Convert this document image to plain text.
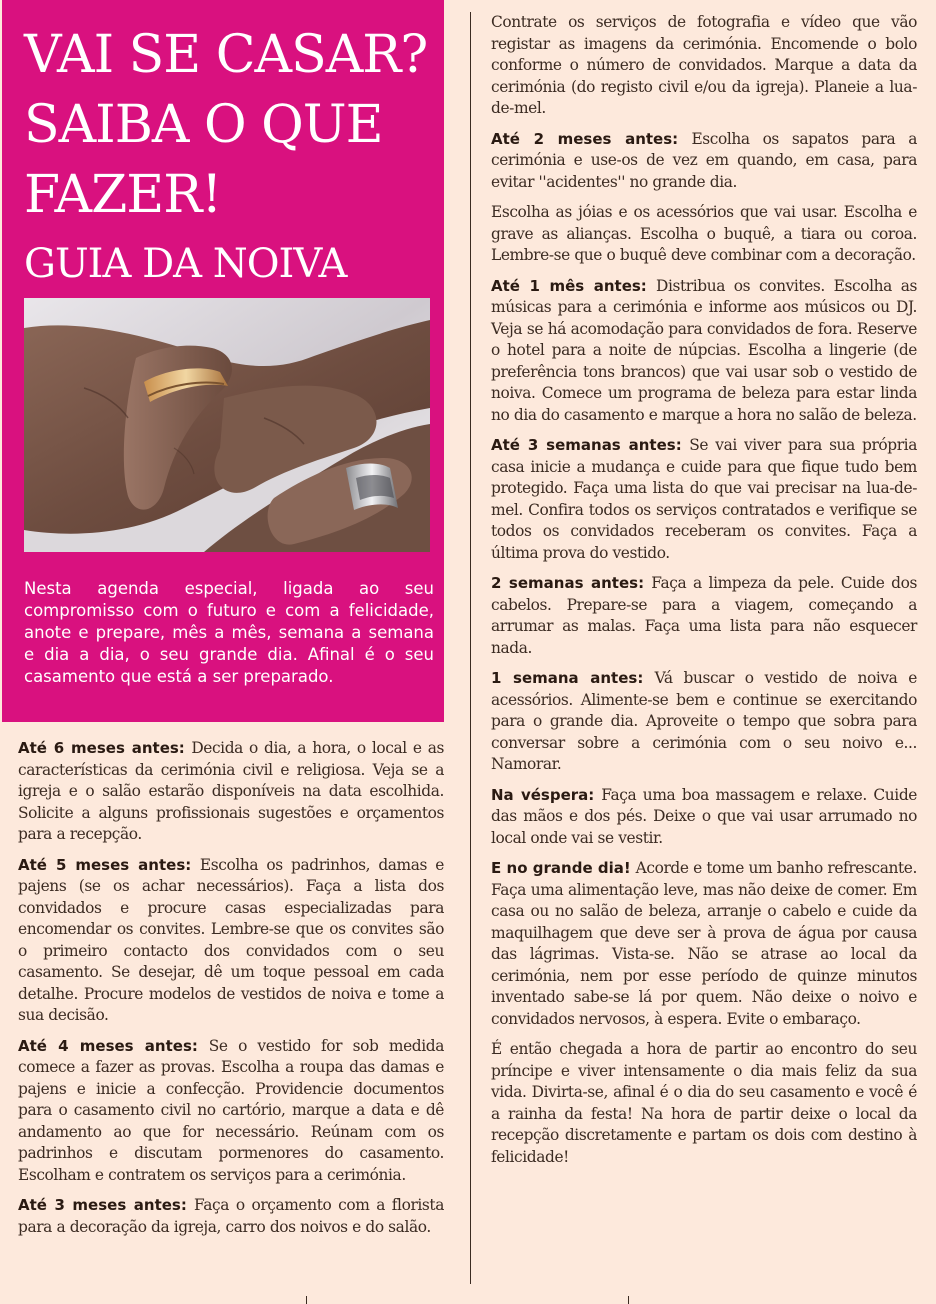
VAI SE CASAR? SAIBA O QUE FAZER!
GUIA DA NOIVA

Nesta agenda especial, ligada ao seu compromisso com o futuro e com a felicidade, anote e prepare, mês a mês, semana a semana e dia a dia, o seu grande dia. Afinal é o seu casamento que está a ser preparado.

Até 6 meses antes: Decida o dia, a hora, o local e as características da cerimónia civil e religiosa. Veja se a igreja e o salão estarão disponíveis na data escolhida. Solicite a alguns profissionais sugestões e orçamentos para a recepção.

Até 5 meses antes: Escolha os padrinhos, damas e pajens (se os achar necessários). Faça a lista dos convidados e procure casas especializadas para encomendar os convites. Lembre-se que os convites são o primeiro contacto dos convidados com o seu casamento. Se desejar, dê um toque pessoal em cada detalhe. Procure modelos de vestidos de noiva e tome a sua decisão.

Até 4 meses antes: Se o vestido for sob medida comece a fazer as provas. Escolha a roupa das damas e pajens e inicie a confecção. Providencie documentos para o casamento civil no cartório, marque a data e dê andamento ao que for necessário. Reúnam com os padrinhos e discutam pormenores do casamento. Escolham e contratem os serviços para a cerimónia.

Até 3 meses antes: Faça o orçamento com a florista para a decoração da igreja, carro dos noivos e do salão.

Contrate os serviços de fotografia e vídeo que vão registar as imagens da cerimónia. Encomende o bolo conforme o número de convidados. Marque a data da cerimónia (do registo civil e/ou da igreja). Planeie a lua-de-mel.

Até 2 meses antes: Escolha os sapatos para a cerimónia e use-os de vez em quando, em casa, para evitar ''acidentes'' no grande dia.

Escolha as jóias e os acessórios que vai usar. Escolha e grave as alianças. Escolha o buquê, a tiara ou coroa. Lembre-se que o buquê deve combinar com a decoração.

Até 1 mês antes: Distribua os convites. Escolha as músicas para a cerimónia e informe aos músicos ou DJ. Veja se há acomodação para convidados de fora. Reserve o hotel para a noite de núpcias. Escolha a lingerie (de preferência tons brancos) que vai usar sob o vestido de noiva. Comece um programa de beleza para estar linda no dia do casamento e marque a hora no salão de beleza.

Até 3 semanas antes: Se vai viver para sua própria casa inicie a mudança e cuide para que fique tudo bem protegido. Faça uma lista do que vai precisar na lua-de-mel. Confira todos os serviços contratados e verifique se todos os convidados receberam os convites. Faça a última prova do vestido.

2 semanas antes: Faça a limpeza da pele. Cuide dos cabelos. Prepare-se para a viagem, começando a arrumar as malas. Faça uma lista para não esquecer nada.

1 semana antes: Vá buscar o vestido de noiva e acessórios. Alimente-se bem e continue se exercitando para o grande dia. Aproveite o tempo que sobra para conversar sobre a cerimónia com o seu noivo e... Namorar.

Na véspera: Faça uma boa massagem e relaxe. Cuide das mãos e dos pés. Deixe o que vai usar arrumado no local onde vai se vestir.

E no grande dia! Acorde e tome um banho refrescante. Faça uma alimentação leve, mas não deixe de comer. Em casa ou no salão de beleza, arranje o cabelo e cuide da maquilhagem que deve ser à prova de água por causa das lágrimas. Vista-se. Não se atrase ao local da cerimónia, nem por esse período de quinze minutos inventado sabe-se lá por quem. Não deixe o noivo e convidados nervosos, à espera. Evite o embaraço.

É então chegada a hora de partir ao encontro do seu príncipe e viver intensamente o dia mais feliz da sua vida. Divirta-se, afinal é o dia do seu casamento e você é a rainha da festa! Na hora de partir deixe o local da recepção discretamente e partam os dois com destino à felicidade!
